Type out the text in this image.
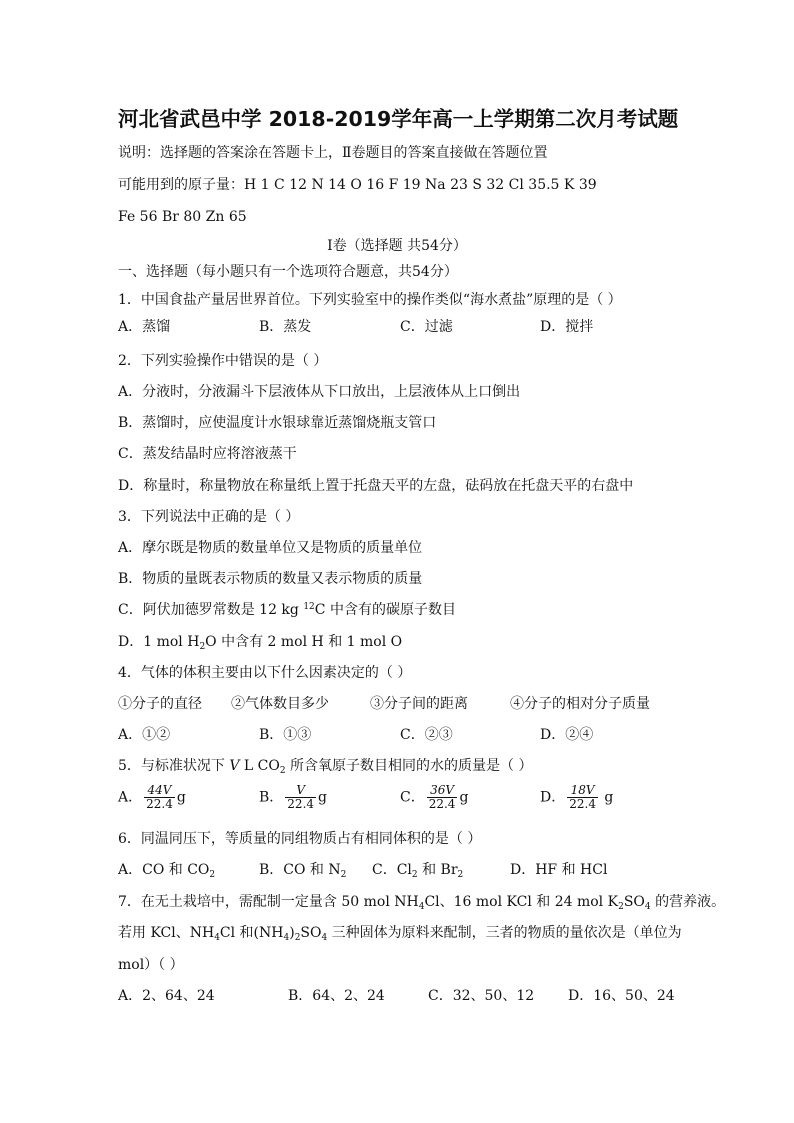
河北省武邑中学 2018-2019学年高一上学期第二次月考试题
说明：选择题的答案涂在答题卡上，Ⅱ卷题目的答案直接做在答题位置
可能用到的原子量：H 1 C 12 N 14 O 16 F 19 Na 23 S 32 Cl 35.5 K 39
Fe 56 Br 80 Zn 65
Ⅰ卷（选择题 共54分）
一、选择题（每小题只有一个选项符合题意，共54分）
1．中国食盐产量居世界首位。下列实验室中的操作类似“海水煮盐”原理的是（ ）
A．蒸馏	B．蒸发	C．过滤	D．搅拌
2．下列实验操作中错误的是（ ）
A．分液时，分液漏斗下层液体从下口放出，上层液体从上口倒出
B．蒸馏时，应使温度计水银球靠近蒸馏烧瓶支管口
C．蒸发结晶时应将溶液蒸干
D．称量时，称量物放在称量纸上置于托盘天平的左盘，砝码放在托盘天平的右盘中
3．下列说法中正确的是（ ）
A．摩尔既是物质的数量单位又是物质的质量单位
B．物质的量既表示物质的数量又表示物质的质量
C．阿伏加德罗常数是 12 kg $^{12}$C 中含有的碳原子数目
D．1 mol $H_2O$ 中含有 2 mol H 和 1 mol O
4．气体的体积主要由以下什么因素决定的（ ）
①分子的直径 ②气体数目多少	③分子间的距离	④分子的相对分子质量
A．①②	B．①③	C．②③	D．②④
5．与标准状况下 V L $CO_2$ 所含氧原子数目相同的水的质量是（ ）
A． $\frac{44V}{22.4}$ g	B． $\frac{V}{22.4}$ g	C． $\frac{36V}{22.4}$ g	D． $\frac{18V}{22.4}$ g
6．同温同压下，等质量的同组物质占有相同体积的是（ ）
A．CO 和 $CO_2$	B．CO 和 $N_2$ C．$Cl_2$ 和 $Br_2$	D．HF 和 HCl
7．在无土栽培中，需配制一定量含 50 mol $NH_4Cl$、16 mol KCl 和 24 mol $K_2SO_4$ 的营养液。
若用 KCl、$NH_4Cl$ 和$(NH_4)_2SO_4$ 三种固体为原料来配制，三者的物质的量依次是（单位为
mol）（ ）
A．2、64、24	B．64、2、24	C．32、50、12 D．16、50、24
